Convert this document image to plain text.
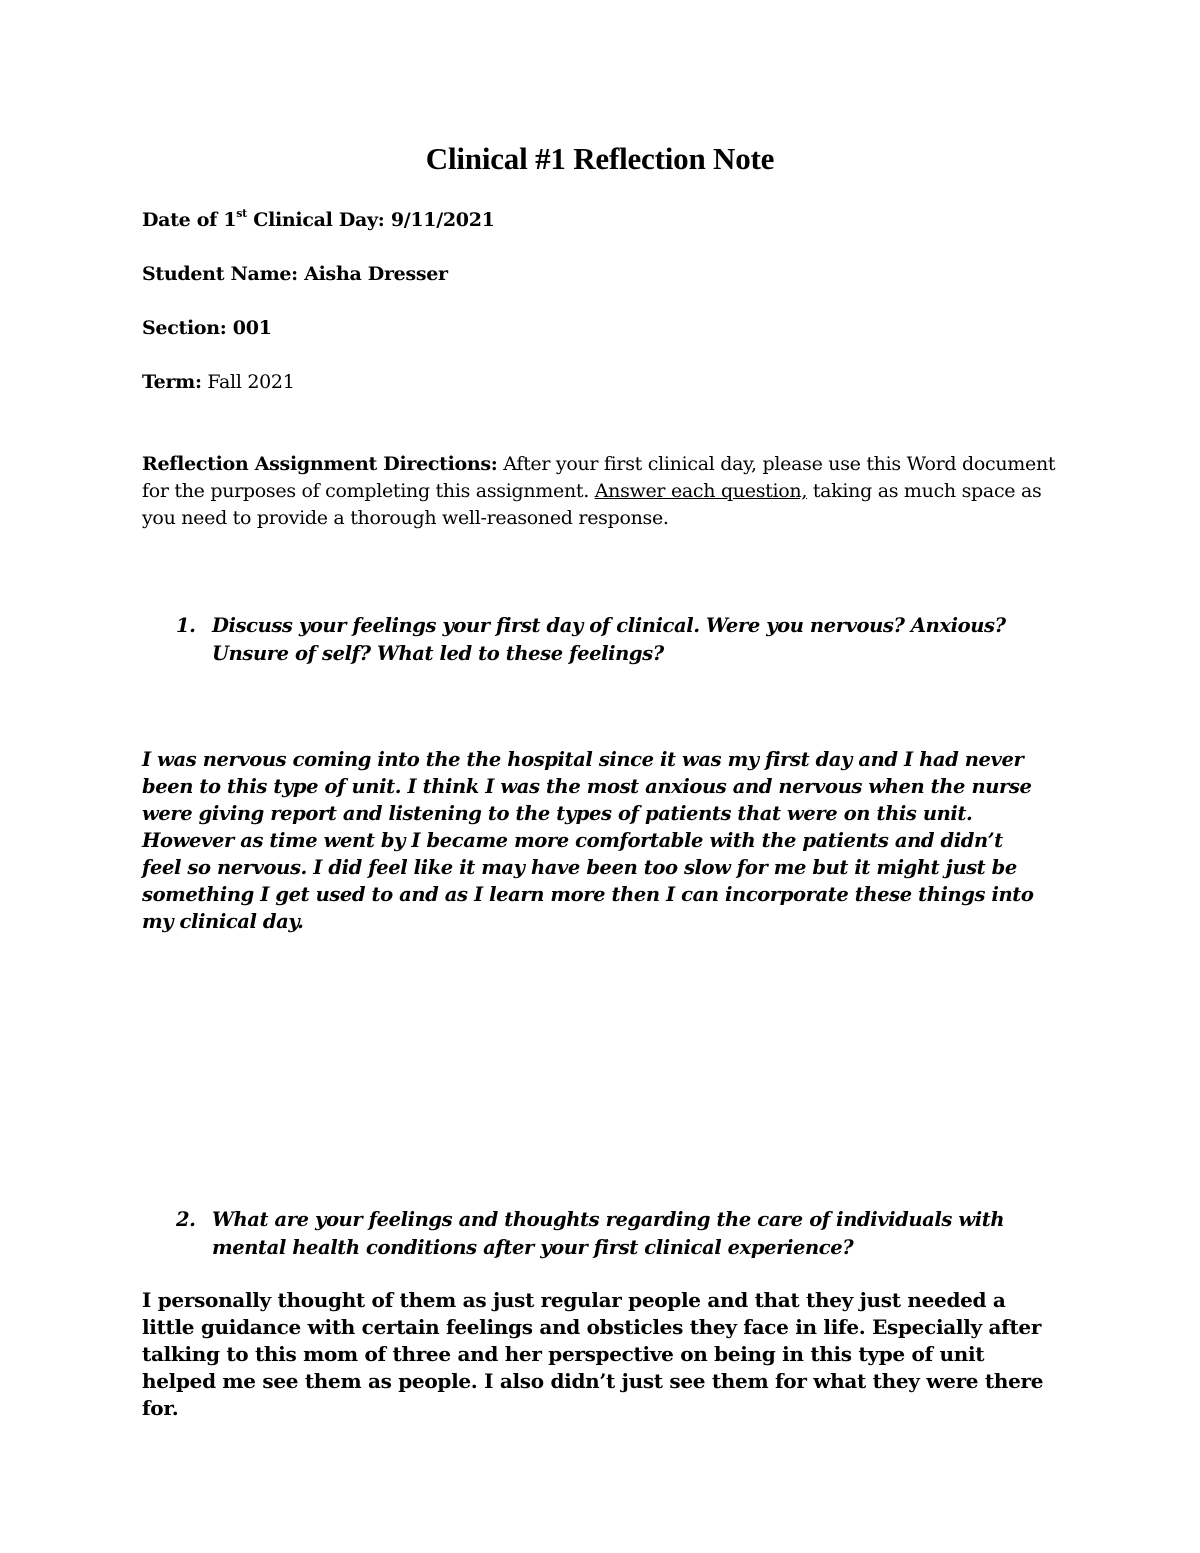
Clinical #1 Reflection Note
Date of 1st Clinical Day: 9/11/2021
Student Name: Aisha Dresser
Section: 001
Term: Fall 2021
Reflection Assignment Directions: After your first clinical day, please use this Word document for the purposes of completing this assignment. Answer each question, taking as much space as you need to provide a thorough well-reasoned response.
1. Discuss your feelings your first day of clinical. Were you nervous? Anxious? Unsure of self? What led to these feelings?
I was nervous coming into the the hospital since it was my first day and I had never been to this type of unit. I think I was the most anxious and nervous when the nurse were giving report and listening to the types of patients that were on this unit. However as time went by I became more comfortable with the patients and didn’t feel so nervous. I did feel like it may have been too slow for me but it might just be something I get used to and as I learn more then I can incorporate these things into my clinical day.
2. What are your feelings and thoughts regarding the care of individuals with mental health conditions after your first clinical experience?
I personally thought of them as just regular people and that they just needed a little guidance with certain feelings and obsticles they face in life. Especially after talking to this mom of three and her perspective on being in this type of unit helped me see them as people. I also didn’t just see them for what they were there for.
